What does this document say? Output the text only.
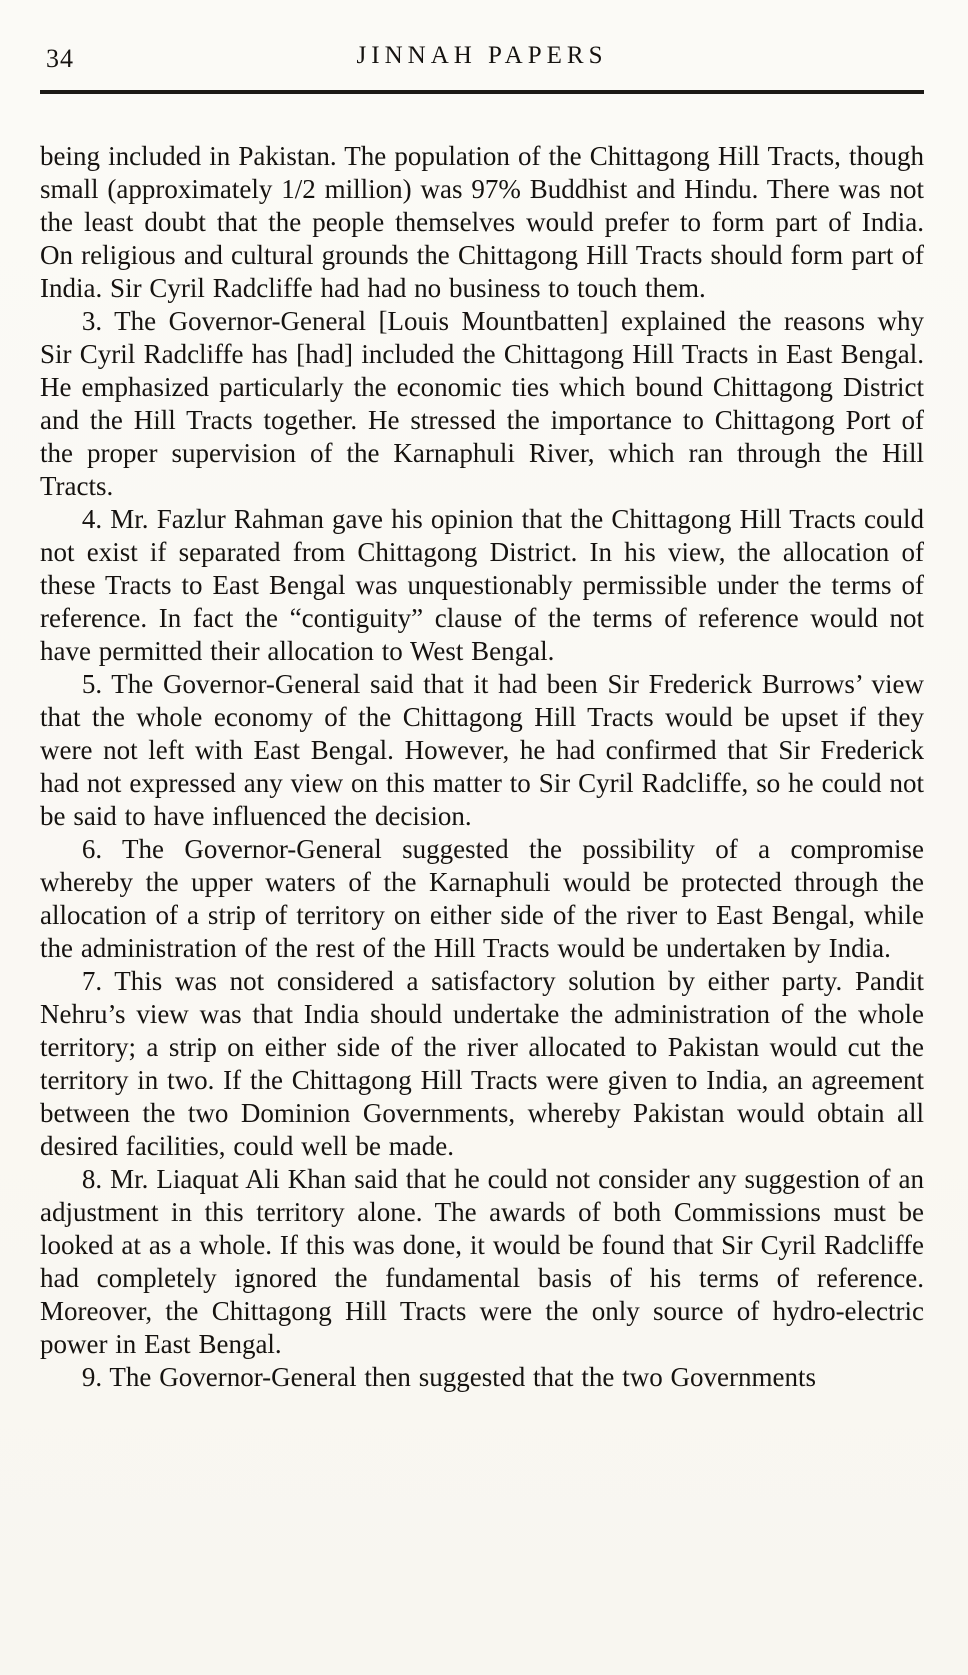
34	JINNAH PAPERS

being included in Pakistan. The population of the Chittagong Hill Tracts, though small (approximately 1/2 million) was 97% Buddhist and Hindu. There was not the least doubt that the people themselves would prefer to form part of India. On religious and cultural grounds the Chittagong Hill Tracts should form part of India. Sir Cyril Radcliffe had had no business to touch them.

3. The Governor-General [Louis Mountbatten] explained the reasons why Sir Cyril Radcliffe has [had] included the Chittagong Hill Tracts in East Bengal. He emphasized particularly the economic ties which bound Chittagong District and the Hill Tracts together. He stressed the importance to Chittagong Port of the proper supervision of the Karnaphuli River, which ran through the Hill Tracts.

4. Mr. Fazlur Rahman gave his opinion that the Chittagong Hill Tracts could not exist if separated from Chittagong District. In his view, the allocation of these Tracts to East Bengal was unquestionably permissible under the terms of reference. In fact the “contiguity” clause of the terms of reference would not have permitted their allocation to West Bengal.

5. The Governor-General said that it had been Sir Frederick Burrows’ view that the whole economy of the Chittagong Hill Tracts would be upset if they were not left with East Bengal. However, he had confirmed that Sir Frederick had not expressed any view on this matter to Sir Cyril Radcliffe, so he could not be said to have influenced the decision.

6. The Governor-General suggested the possibility of a compromise whereby the upper waters of the Karnaphuli would be protected through the allocation of a strip of territory on either side of the river to East Bengal, while the administration of the rest of the Hill Tracts would be undertaken by India.

7. This was not considered a satisfactory solution by either party. Pandit Nehru’s view was that India should undertake the administration of the whole territory; a strip on either side of the river allocated to Pakistan would cut the territory in two. If the Chittagong Hill Tracts were given to India, an agreement between the two Dominion Governments, whereby Pakistan would obtain all desired facilities, could well be made.

8. Mr. Liaquat Ali Khan said that he could not consider any suggestion of an adjustment in this territory alone. The awards of both Commissions must be looked at as a whole. If this was done, it would be found that Sir Cyril Radcliffe had completely ignored the fundamental basis of his terms of reference. Moreover, the Chittagong Hill Tracts were the only source of hydro-electric power in East Bengal.

9. The Governor-General then suggested that the two Governments
